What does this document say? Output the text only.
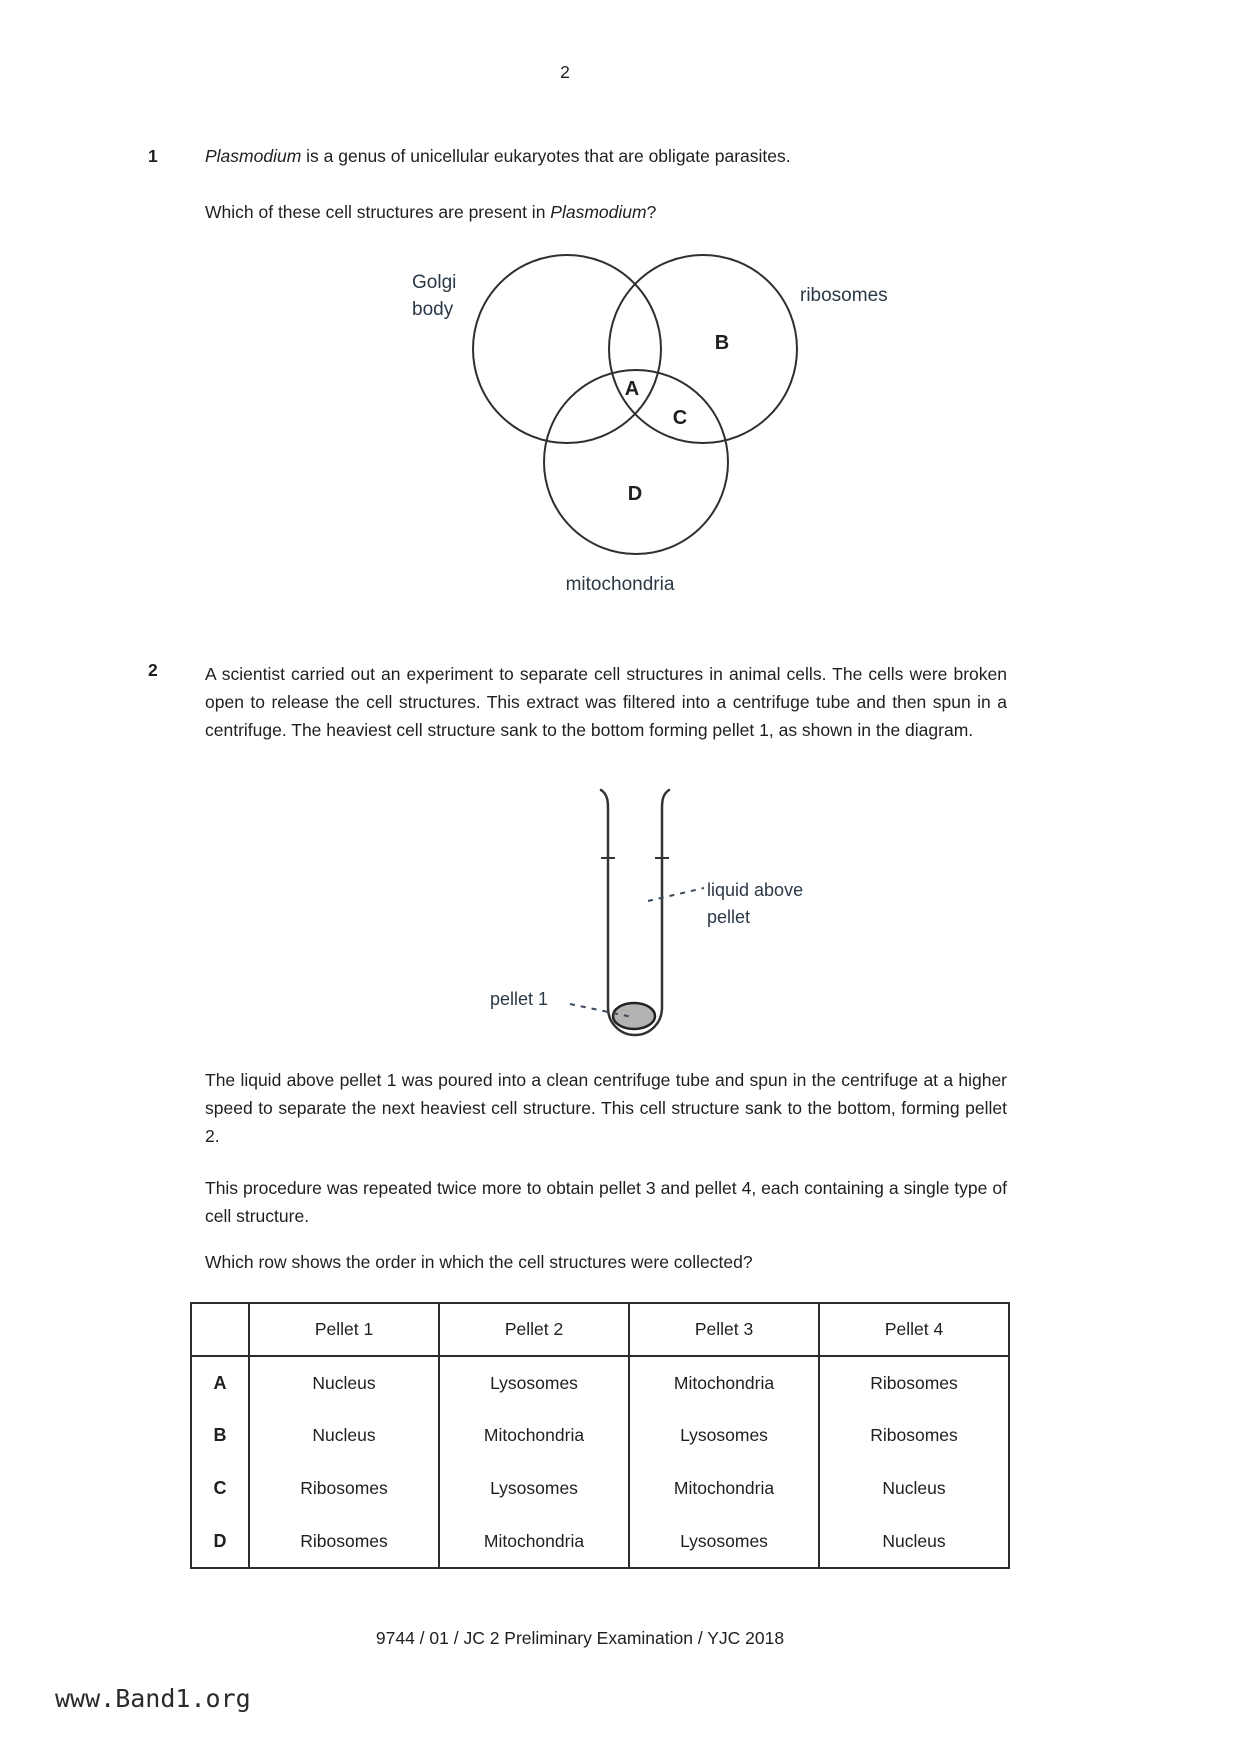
2
1	Plasmodium is a genus of unicellular eukaryotes that are obligate parasites.
Which of these cell structures are present in Plasmodium?
Golgi
body
ribosomes
mitochondria
A
B
C
D
2	A scientist carried out an experiment to separate cell structures in animal cells. The cells were broken open to release the cell structures. This extract was filtered into a centrifuge tube and then spun in a centrifuge. The heaviest cell structure sank to the bottom forming pellet 1, as shown in the diagram.
liquid above
pellet
pellet 1
The liquid above pellet 1 was poured into a clean centrifuge tube and spun in the centrifuge at a higher speed to separate the next heaviest cell structure. This cell structure sank to the bottom, forming pellet 2.
This procedure was repeated twice more to obtain pellet 3 and pellet 4, each containing a single type of cell structure.
Which row shows the order in which the cell structures were collected?
	Pellet 1	Pellet 2	Pellet 3	Pellet 4
A	Nucleus	Lysosomes	Mitochondria	Ribosomes
B	Nucleus	Mitochondria	Lysosomes	Ribosomes
C	Ribosomes	Lysosomes	Mitochondria	Nucleus
D	Ribosomes	Mitochondria	Lysosomes	Nucleus
9744 / 01 / JC 2 Preliminary Examination / YJC 2018
www.Band1.org
